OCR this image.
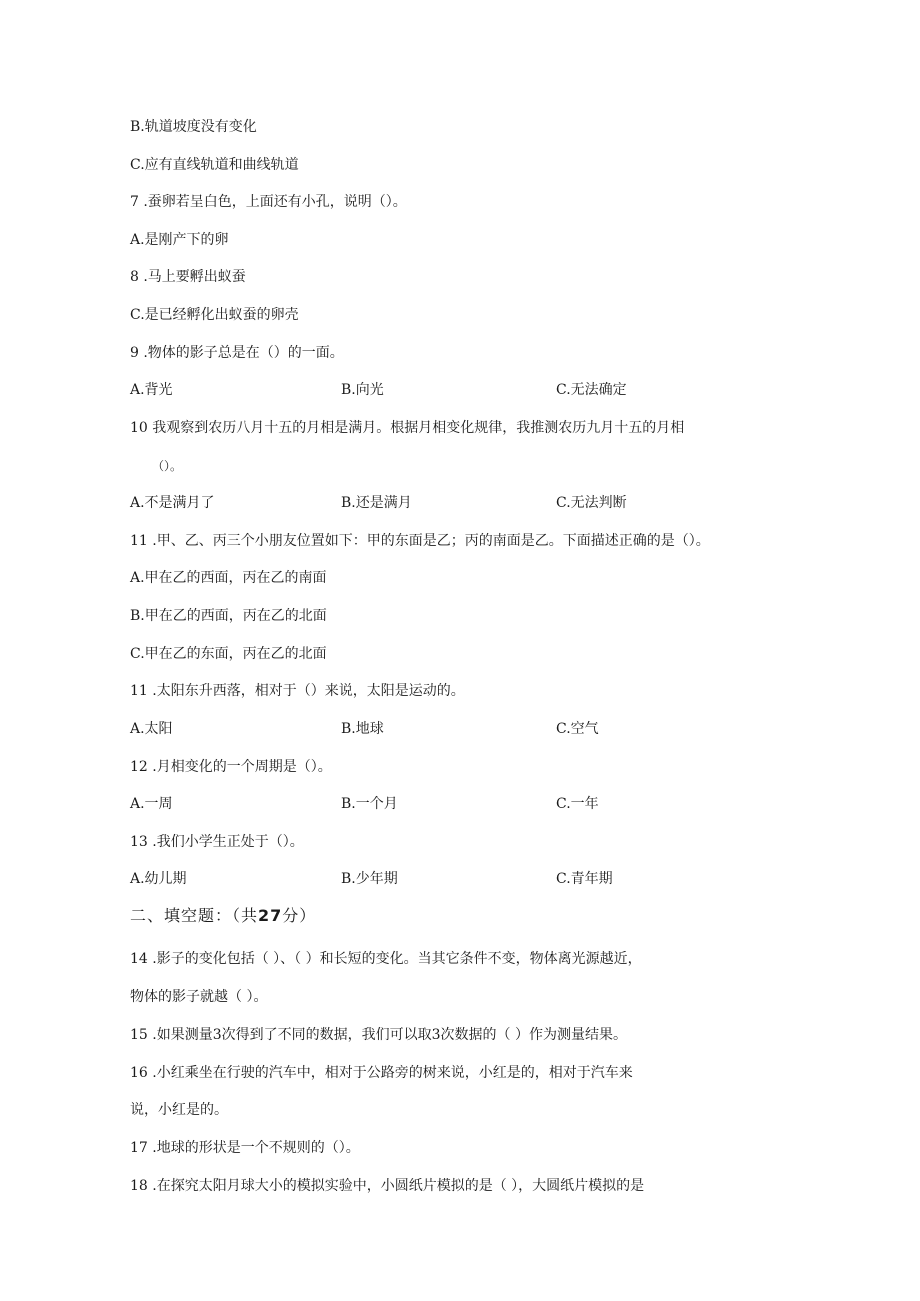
B.轨道坡度没有变化
C.应有直线轨道和曲线轨道
7 .蚕卵若呈白色，上面还有小孔，说明（）。
A.是刚产下的卵
8 .马上要孵出蚁蚕
C.是已经孵化出蚁蚕的卵壳
9 .物体的影子总是在（）的一面。
A.背光	B.向光	C.无法确定
10 我观察到农历八月十五的月相是满月。根据月相变化规律，我推测农历九月十五的月相
（）。
A.不是满月了	B.还是满月	C.无法判断
11 .甲、乙、丙三个小朋友位置如下：甲的东面是乙；丙的南面是乙。下面描述正确的是（）。
A.甲在乙的西面，丙在乙的南面
B.甲在乙的西面，丙在乙的北面
C.甲在乙的东面，丙在乙的北面
11 .太阳东升西落，相对于（）来说，太阳是运动的。
A.太阳	B.地球	C.空气
12 .月相变化的一个周期是（）。
A.一周	B.一个月	C.一年
13 .我们小学生正处于（）。
A.幼儿期	B.少年期	C.青年期
二、填空题：（共27分）
14 .影子的变化包括（ ）、（ ）和长短的变化。当其它条件不变，物体离光源越近，
物体的影子就越（ ）。
15 .如果测量3次得到了不同的数据，我们可以取3次数据的（ ）作为测量结果。
16 .小红乘坐在行驶的汽车中，相对于公路旁的树来说，小红是的，相对于汽车来
说，小红是的。
17 .地球的形状是一个不规则的（）。
18 .在探究太阳月球大小的模拟实验中，小圆纸片模拟的是（ ），大圆纸片模拟的是
